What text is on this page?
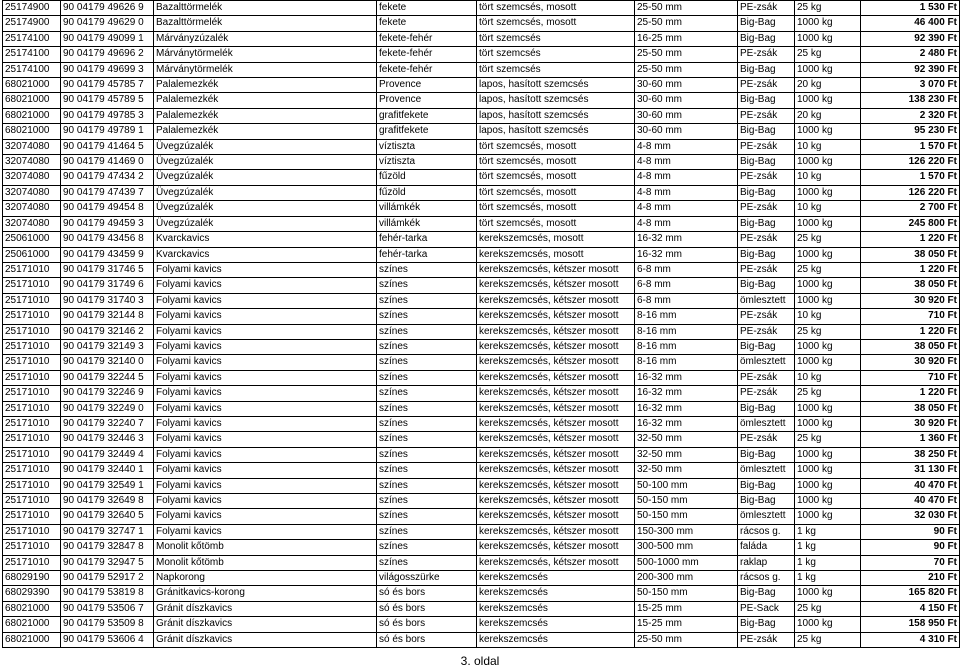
25174900	90 04179 49626 9	Bazalttörmelék	fekete	tört szemcsés, mosott	25-50 mm	PE-zsák	25 kg	1 530 Ft
25174900	90 04179 49629 0	Bazalttörmelék	fekete	tört szemcsés, mosott	25-50 mm	Big-Bag	1000 kg	46 400 Ft
25174100	90 04179 49099 1	Márványzúzalék	fekete-fehér	tört szemcsés	16-25 mm	Big-Bag	1000 kg	92 390 Ft
25174100	90 04179 49696 2	Márványtörmelék	fekete-fehér	tört szemcsés	25-50 mm	PE-zsák	25 kg	2 480 Ft
25174100	90 04179 49699 3	Márványtörmelék	fekete-fehér	tört szemcsés	25-50 mm	Big-Bag	1000 kg	92 390 Ft
68021000	90 04179 45785 7	Palalemezkék	Provence	lapos, hasított szemcsés	30-60 mm	PE-zsák	20 kg	3 070 Ft
68021000	90 04179 45789 5	Palalemezkék	Provence	lapos, hasított szemcsés	30-60 mm	Big-Bag	1000 kg	138 230 Ft
68021000	90 04179 49785 3	Palalemezkék	grafitfekete	lapos, hasított szemcsés	30-60 mm	PE-zsák	20 kg	2 320 Ft
68021000	90 04179 49789 1	Palalemezkék	grafitfekete	lapos, hasított szemcsés	30-60 mm	Big-Bag	1000 kg	95 230 Ft
32074080	90 04179 41464 5	Üvegzúzalék	víztiszta	tört szemcsés, mosott	4-8 mm	PE-zsák	10 kg	1 570 Ft
32074080	90 04179 41469 0	Üvegzúzalék	víztiszta	tört szemcsés, mosott	4-8 mm	Big-Bag	1000 kg	126 220 Ft
32074080	90 04179 47434 2	Üvegzúzalék	fűzöld	tört szemcsés, mosott	4-8 mm	PE-zsák	10 kg	1 570 Ft
32074080	90 04179 47439 7	Üvegzúzalék	fűzöld	tört szemcsés, mosott	4-8 mm	Big-Bag	1000 kg	126 220 Ft
32074080	90 04179 49454 8	Üvegzúzalék	villámkék	tört szemcsés, mosott	4-8 mm	PE-zsák	10 kg	2 700 Ft
32074080	90 04179 49459 3	Üvegzúzalék	villámkék	tört szemcsés, mosott	4-8 mm	Big-Bag	1000 kg	245 800 Ft
25061000	90 04179 43456 8	Kvarckavics	fehér-tarka	kerekszemcsés, mosott	16-32 mm	PE-zsák	25 kg	1 220 Ft
25061000	90 04179 43459 9	Kvarckavics	fehér-tarka	kerekszemcsés, mosott	16-32 mm	Big-Bag	1000 kg	38 050 Ft
25171010	90 04179 31746 5	Folyami kavics	színes	kerekszemcsés, kétszer mosott	6-8 mm	PE-zsák	25 kg	1 220 Ft
25171010	90 04179 31749 6	Folyami kavics	színes	kerekszemcsés, kétszer mosott	6-8 mm	Big-Bag	1000 kg	38 050 Ft
25171010	90 04179 31740 3	Folyami kavics	színes	kerekszemcsés, kétszer mosott	6-8 mm	ömlesztett	1000 kg	30 920 Ft
25171010	90 04179 32144 8	Folyami kavics	színes	kerekszemcsés, kétszer mosott	8-16 mm	PE-zsák	10 kg	710 Ft
25171010	90 04179 32146 2	Folyami kavics	színes	kerekszemcsés, kétszer mosott	8-16 mm	PE-zsák	25 kg	1 220 Ft
25171010	90 04179 32149 3	Folyami kavics	színes	kerekszemcsés, kétszer mosott	8-16 mm	Big-Bag	1000 kg	38 050 Ft
25171010	90 04179 32140 0	Folyami kavics	színes	kerekszemcsés, kétszer mosott	8-16 mm	ömlesztett	1000 kg	30 920 Ft
25171010	90 04179 32244 5	Folyami kavics	színes	kerekszemcsés, kétszer mosott	16-32 mm	PE-zsák	10 kg	710 Ft
25171010	90 04179 32246 9	Folyami kavics	színes	kerekszemcsés, kétszer mosott	16-32 mm	PE-zsák	25 kg	1 220 Ft
25171010	90 04179 32249 0	Folyami kavics	színes	kerekszemcsés, kétszer mosott	16-32 mm	Big-Bag	1000 kg	38 050 Ft
25171010	90 04179 32240 7	Folyami kavics	színes	kerekszemcsés, kétszer mosott	16-32 mm	ömlesztett	1000 kg	30 920 Ft
25171010	90 04179 32446 3	Folyami kavics	színes	kerekszemcsés, kétszer mosott	32-50 mm	PE-zsák	25 kg	1 360 Ft
25171010	90 04179 32449 4	Folyami kavics	színes	kerekszemcsés, kétszer mosott	32-50 mm	Big-Bag	1000 kg	38 250 Ft
25171010	90 04179 32440 1	Folyami kavics	színes	kerekszemcsés, kétszer mosott	32-50 mm	ömlesztett	1000 kg	31 130 Ft
25171010	90 04179 32549 1	Folyami kavics	színes	kerekszemcsés, kétszer mosott	50-100 mm	Big-Bag	1000 kg	40 470 Ft
25171010	90 04179 32649 8	Folyami kavics	színes	kerekszemcsés, kétszer mosott	50-150 mm	Big-Bag	1000 kg	40 470 Ft
25171010	90 04179 32640 5	Folyami kavics	színes	kerekszemcsés, kétszer mosott	50-150 mm	ömlesztett	1000 kg	32 030 Ft
25171010	90 04179 32747 1	Folyami kavics	színes	kerekszemcsés, kétszer mosott	150-300 mm	rácsos g.	1 kg	90 Ft
25171010	90 04179 32847 8	Monolit kőtömb	színes	kerekszemcsés, kétszer mosott	300-500 mm	faláda	1 kg	90 Ft
25171010	90 04179 32947 5	Monolit kőtömb	színes	kerekszemcsés, kétszer mosott	500-1000 mm	raklap	1 kg	70 Ft
68029190	90 04179 52917 2	Napkorong	világosszürke	kerekszemcsés	200-300 mm	rácsos g.	1 kg	210 Ft
68029390	90 04179 53819 8	Gránitkavics-korong	só és bors	kerekszemcsés	50-150 mm	Big-Bag	1000 kg	165 820 Ft
68021000	90 04179 53506 7	Gránit díszkavics	só és bors	kerekszemcsés	15-25 mm	PE-Sack	25 kg	4 150 Ft
68021000	90 04179 53509 8	Gránit díszkavics	só és bors	kerekszemcsés	15-25 mm	Big-Bag	1000 kg	158 950 Ft
68021000	90 04179 53606 4	Gránit díszkavics	só és bors	kerekszemcsés	25-50 mm	PE-zsák	25 kg	4 310 Ft
3. oldal
